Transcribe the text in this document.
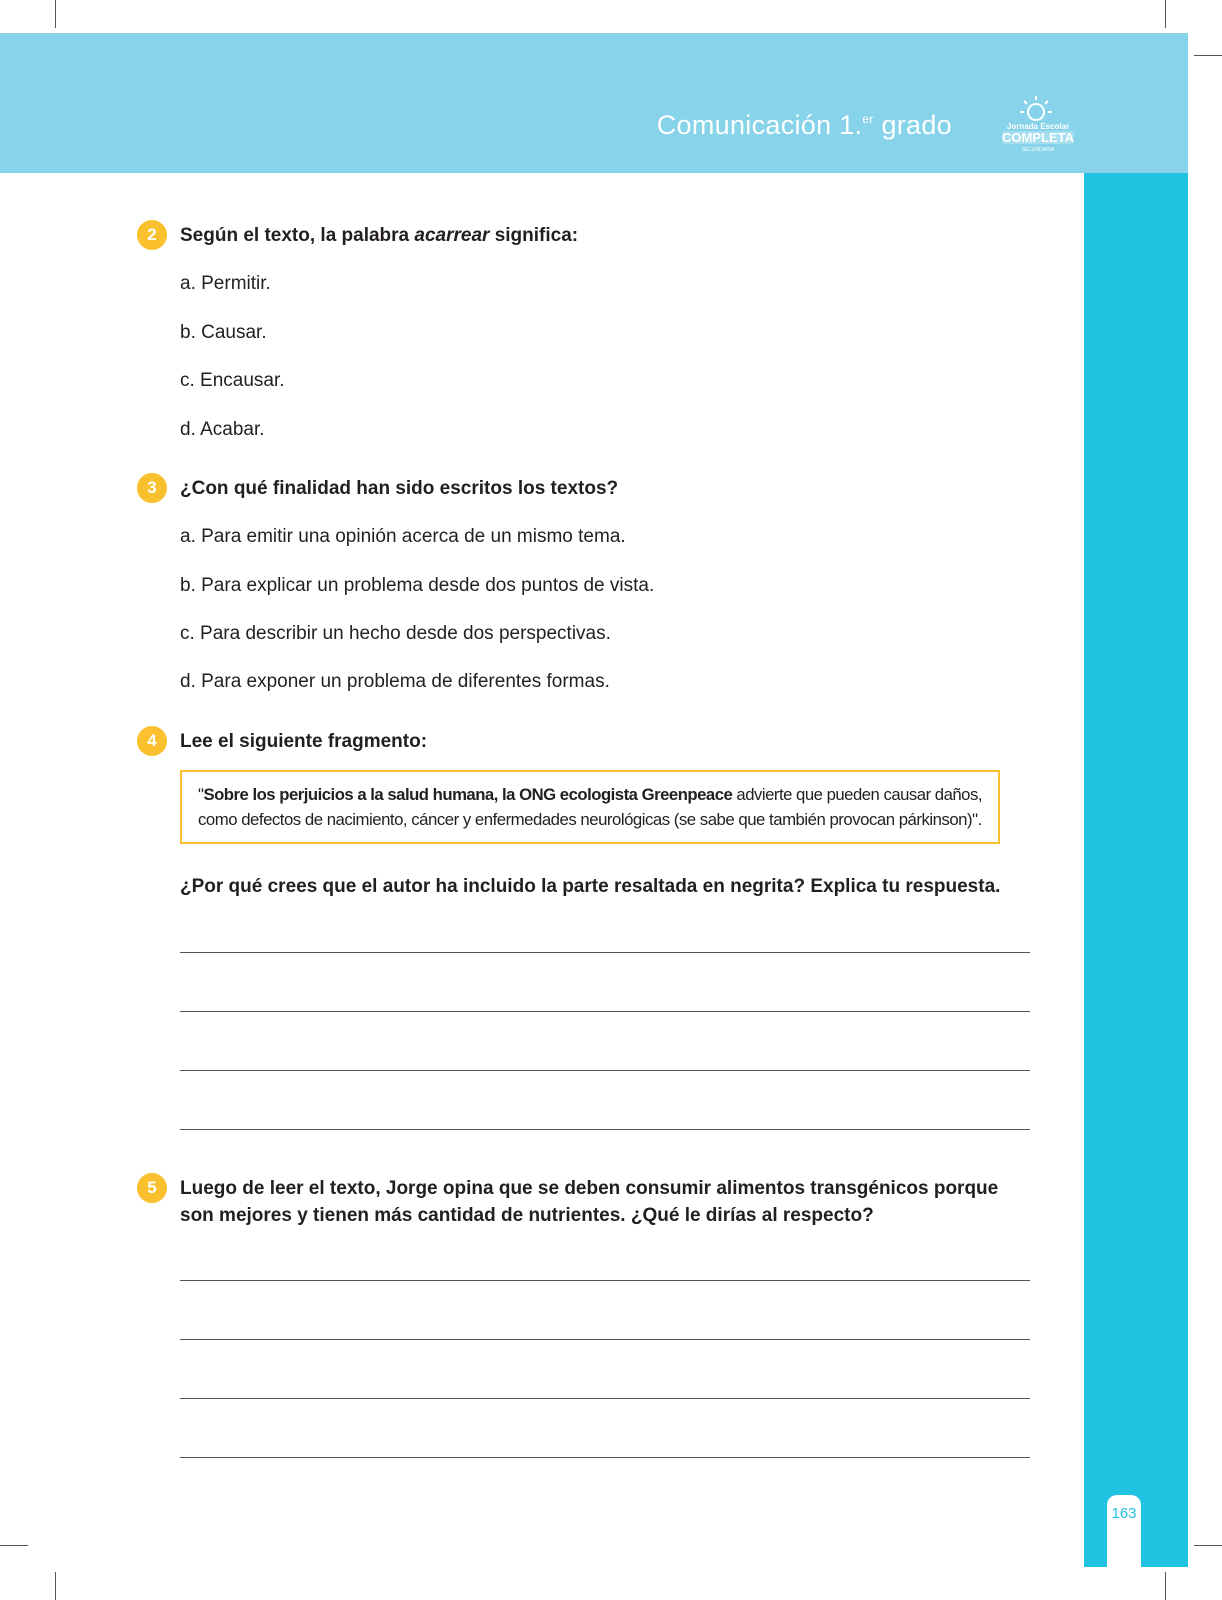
Comunicación 1.$^{er}$ grado	Jornada Escolar
COMPLETA
SECUNDARIA
163
2	Según el texto, la palabra acarrear significa:
a. Permitir.
b. Causar.
c. Encausar.
d. Acabar.
3	¿Con qué finalidad han sido escritos los textos?
a. Para emitir una opinión acerca de un mismo tema.
b. Para explicar un problema desde dos puntos de vista.
c. Para describir un hecho desde dos perspectivas.
d. Para exponer un problema de diferentes formas.
4	Lee el siguiente fragmento:
"Sobre los perjuicios a la salud humana, la ONG ecologista Greenpeace advierte que pueden causar daños,
como defectos de nacimiento, cáncer y enfermedades neurológicas (se sabe que también provocan párkinson)".
¿Por qué crees que el autor ha incluido la parte resaltada en negrita? Explica tu respuesta.
5	Luego de leer el texto, Jorge opina que se deben consumir alimentos transgénicos porque
son mejores y tienen más cantidad de nutrientes. ¿Qué le dirías al respecto?
